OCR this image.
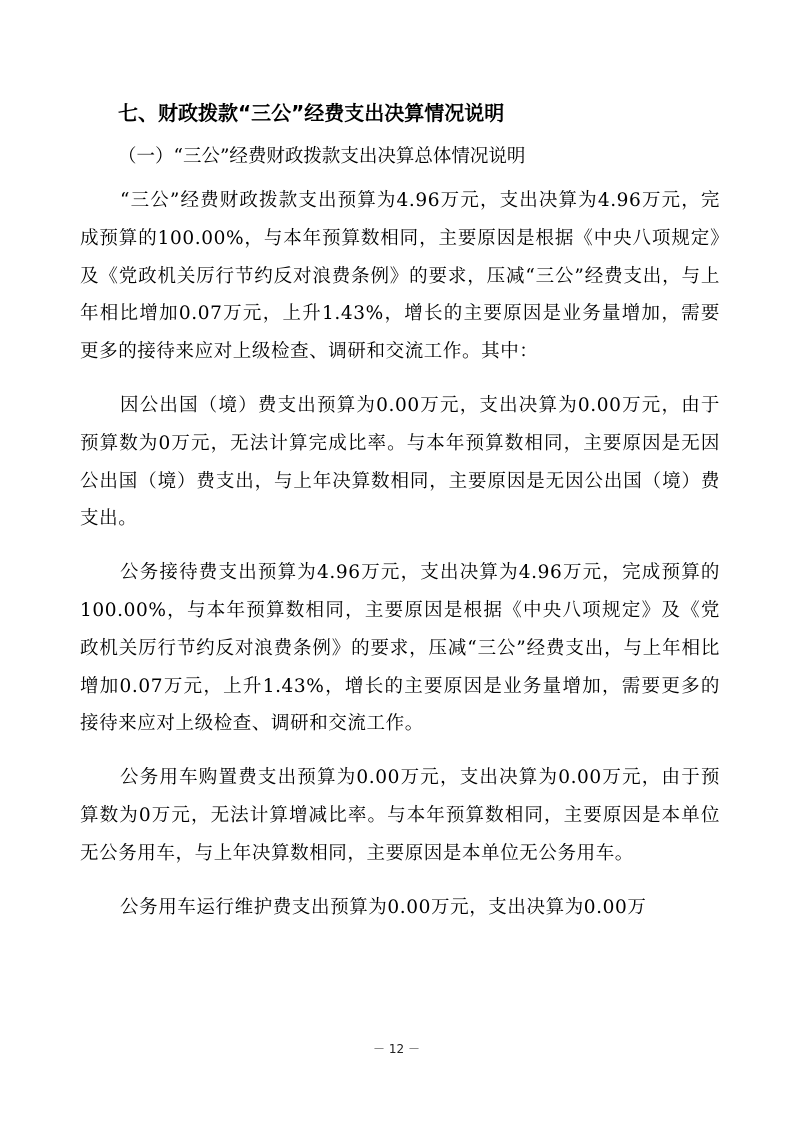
七、财政拨款“三公”经费支出决算情况说明
（一）“三公”经费财政拨款支出决算总体情况说明

“三公”经费财政拨款支出预算为4.96万元，支出决算为4.96万元，完成预算的100.00%，与本年预算数相同，主要原因是根据《中央八项规定》及《党政机关厉行节约反对浪费条例》的要求，压减“三公”经费支出，与上年相比增加0.07万元，上升1.43%，增长的主要原因是业务量增加，需要更多的接待来应对上级检查、调研和交流工作。其中：

因公出国（境）费支出预算为0.00万元，支出决算为0.00万元，由于预算数为0万元，无法计算完成比率。与本年预算数相同，主要原因是无因公出国（境）费支出，与上年决算数相同，主要原因是无因公出国（境）费支出。

公务接待费支出预算为4.96万元，支出决算为4.96万元，完成预算的100.00%，与本年预算数相同，主要原因是根据《中央八项规定》及《党政机关厉行节约反对浪费条例》的要求，压减“三公”经费支出，与上年相比增加0.07万元，上升1.43%，增长的主要原因是业务量增加，需要更多的接待来应对上级检查、调研和交流工作。

公务用车购置费支出预算为0.00万元，支出决算为0.00万元，由于预算数为0万元，无法计算增减比率。与本年预算数相同，主要原因是本单位无公务用车，与上年决算数相同，主要原因是本单位无公务用车。

公务用车运行维护费支出预算为0.00万元，支出决算为0.00万

－ 12 －
